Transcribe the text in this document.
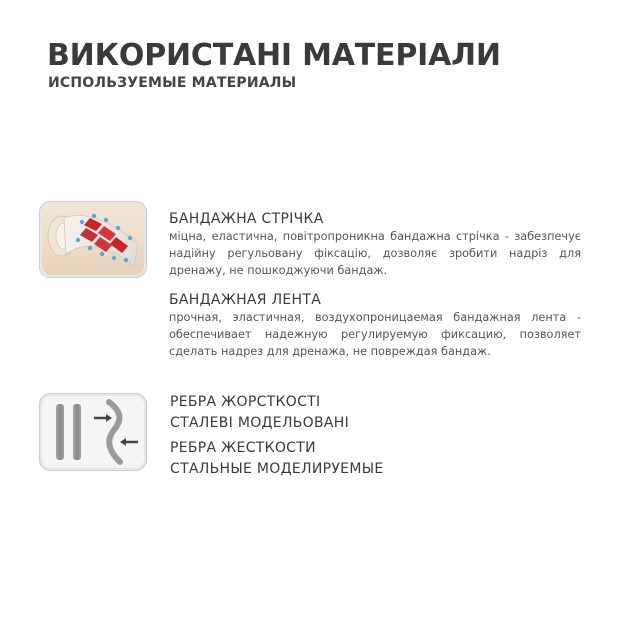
ВИКОРИСТАНІ МАТЕРІАЛИ
ИСПОЛЬЗУЕМЫЕ МАТЕРИАЛЫ
БАНДАЖНА СТРІЧКА
міцна, еластична, повітропроникна бандажна стрічка - забезпечує надійну регульовану фіксацію, дозволяє зробити надріз для дренажу, не пошкоджуючи бандаж.
БАНДАЖНАЯ ЛЕНТА
прочная, эластичная, воздухопроницаемая бандажная лента - обеспечивает надежную регулируемую фиксацию, позволяет сделать надрез для дренажа, не повреждая бандаж.
РЕБРА ЖОРСТКОСТІ
СТАЛЕВІ МОДЕЛЬОВАНІ
РЕБРА ЖЕСТКОСТИ
СТАЛЬНЫЕ МОДЕЛИРУЕМЫЕ
